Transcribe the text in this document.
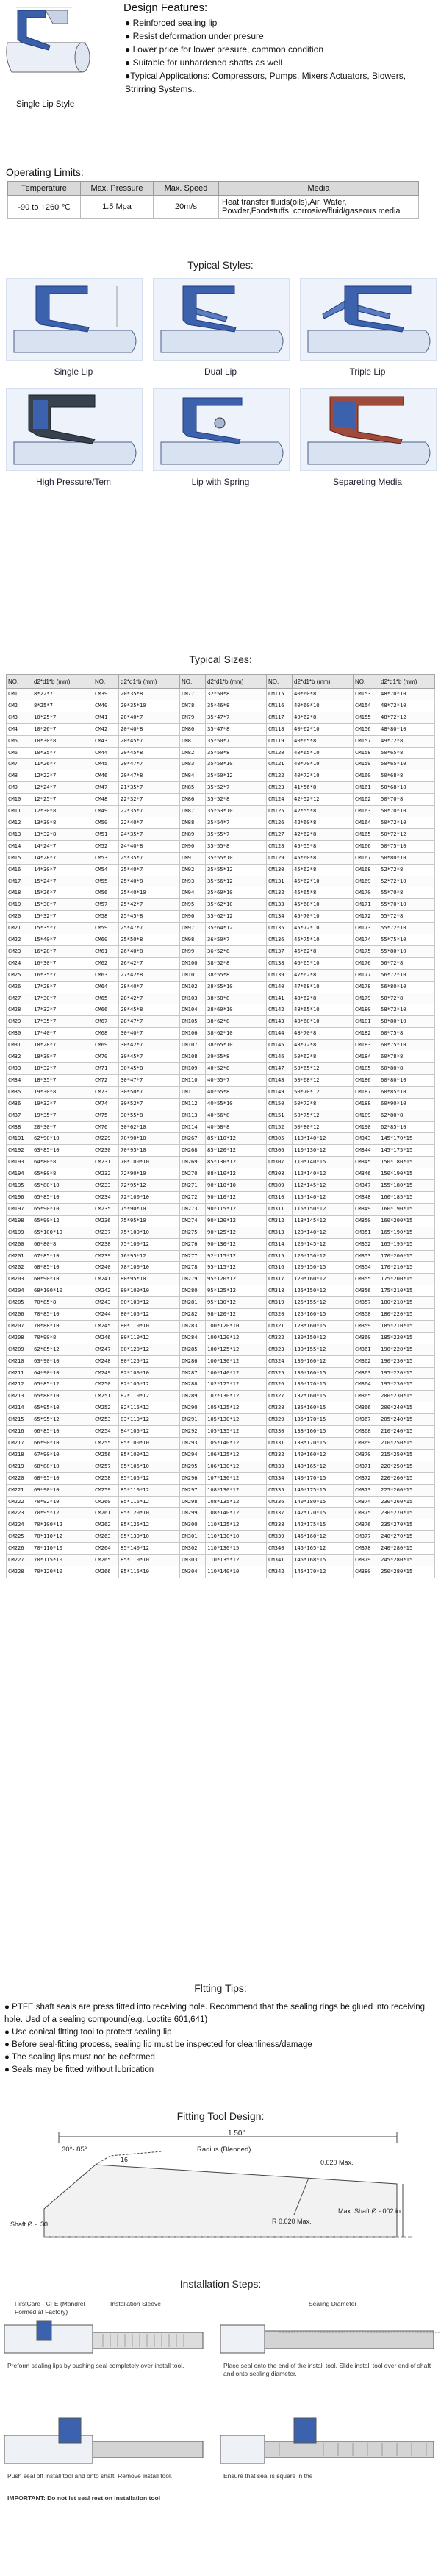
Single Lip Style
Design Features:
● Reinforced sealing lip
● Resist deformation under presure
● Lower price for lower presure, common condition
● Suitable for unhardened shafts as well
●Typical Applications: Compressors, Pumps, Mixers Actuators, Blowers, Strirring Systems..
Operating Limits:
Temperature	Max. Pressure	Max. Speed	Media
-90 to +260 ℃	1.5 Mpa	20m/s	Heat transfer fluids(oils),Air, Water, Powder,Foodstuffs, corrosive/fluid/gaseous media
Typical Styles:
Single Lip	Dual Lip	Triple Lip
High Pressure/Tem	Lip with Spring	Separeting Media
Typical Sizes:
NO.	d2*d1*b (mm)	NO.	d2*d1*b (mm)	NO.	d2*d1*b (mm)	NO.	d2*d1*b (mm)	NO.	d2*d1*b (mm)
CM1	8*22*7	CM39	20*35*8	CM77	32*50*8	CM115	40*60*8	CM153	48*70*10
CM2	8*25*7	CM40	20*35*10	CM78	35*46*8	CM116	40*60*10	CM154	48*72*10
CM3	10*25*7	CM41	20*40*7	CM79	35*47*7	CM117	40*62*8	CM155	48*72*12
CM4	10*26*7	CM42	20*40*8	CM80	35*47*8	CM118	40*62*10	CM156	48*80*10
CM5	10*30*8	CM43	20*45*7	CM81	35*50*7	CM119	40*65*8	CM157	49*72*8
CM6	10*35*7	CM44	20*45*8	CM82	35*50*8	CM120	40*65*10	CM158	50*65*8
CM7	11*26*7	CM45	20*47*7	CM83	35*50*10	CM121	40*70*10	CM159	50*65*10
CM8	12*22*7	CM46	20*47*8	CM84	35*50*12	CM122	40*72*10	CM160	50*68*8
CM9	12*24*7	CM47	21*35*7	CM85	35*52*7	CM123	41*56*8	CM161	50*68*10
CM10	12*25*7	CM48	22*32*7	CM86	35*52*8	CM124	42*52*12	CM162	50*70*8
CM11	12*30*8	CM49	22*35*7	CM87	35*53*10	CM125	42*55*8	CM163	50*70*10
CM12	13*30*8	CM50	22*40*7	CM88	35*54*7	CM126	42*60*8	CM164	50*72*10
CM13	13*32*8	CM51	24*35*7	CM89	35*55*7	CM127	42*62*8	CM165	50*72*12
CM14	14*24*7	CM52	24*40*8	CM90	35*55*8	CM128	45*55*8	CM166	50*75*10
CM15	14*28*7	CM53	25*35*7	CM91	35*55*10	CM129	45*60*8	CM167	50*80*10
CM16	14*30*7	CM54	25*40*7	CM92	35*55*12	CM130	45*62*8	CM168	52*72*8
CM17	15*24*7	CM55	25*40*8	CM93	35*56*12	CM131	45*62*10	CM169	52*72*10
CM18	15*26*7	CM56	25*40*10	CM94	35*60*10	CM132	45*65*8	CM170	55*70*8
CM19	15*30*7	CM57	25*42*7	CM95	35*62*10	CM133	45*68*10	CM171	55*70*10
CM20	15*32*7	CM58	25*45*8	CM96	35*62*12	CM134	45*70*10	CM172	55*72*8
CM21	15*35*7	CM59	25*47*7	CM97	35*64*12	CM135	45*72*10	CM173	55*72*10
CM22	15*40*7	CM60	25*50*8	CM98	36*50*7	CM136	45*75*10	CM174	55*75*10
CM23	16*28*7	CM61	26*40*8	CM99	36*52*8	CM137	46*62*8	CM175	55*80*10
CM24	16*30*7	CM62	26*42*7	CM100	38*52*8	CM138	46*65*10	CM176	56*72*8
CM25	16*35*7	CM63	27*42*8	CM101	38*55*8	CM139	47*62*8	CM177	56*72*10
CM26	17*28*7	CM64	28*40*7	CM102	38*55*10	CM140	47*68*10	CM178	56*80*10
CM27	17*30*7	CM65	28*42*7	CM103	38*58*8	CM141	48*62*8	CM179	58*72*8
CM28	17*32*7	CM66	28*45*8	CM104	38*60*10	CM142	48*65*10	CM180	58*72*10
CM29	17*35*7	CM67	28*47*7	CM105	38*62*8	CM143	48*68*10	CM181	58*80*10
CM30	17*40*7	CM68	30*40*7	CM106	38*62*10	CM144	48*70*8	CM182	60*75*8
CM31	18*28*7	CM69	30*42*7	CM107	38*65*10	CM145	48*72*8	CM183	60*75*10
CM32	18*30*7	CM70	30*45*7	CM108	39*55*8	CM146	50*62*8	CM184	60*78*8
CM33	18*32*7	CM71	30*45*8	CM109	40*52*8	CM147	50*65*12	CM185	60*80*8
CM34	18*35*7	CM72	30*47*7	CM110	40*55*7	CM148	50*68*12	CM186	60*80*10
CM35	19*30*8	CM73	30*50*7	CM111	40*55*8	CM149	50*70*12	CM187	60*85*10
CM36	19*32*7	CM74	30*52*7	CM112	40*55*10	CM150	50*72*8	CM188	60*90*10
CM37	19*35*7	CM75	30*55*8	CM113	40*56*8	CM151	50*75*12	CM189	62*80*8
CM38	20*30*7	CM76	30*62*10	CM114	40*58*8	CM152	50*80*12	CM190	62*85*10
CM191	62*90*10	CM229	70*90*10	CM267	85*110*12	CM305	110*140*12	CM343	145*170*15
CM192	63*85*10	CM230	70*95*10	CM268	85*120*12	CM306	110*130*12	CM344	145*175*15
CM193	64*80*8	CM231	70*100*10	CM269	85*130*12	CM307	110*140*15	CM345	150*180*15
CM194	65*80*8	CM232	72*90*10	CM270	88*110*12	CM308	112*140*12	CM346	150*190*15
CM195	65*80*10	CM233	72*95*12	CM271	90*110*10	CM309	112*145*12	CM347	155*180*15
CM196	65*85*10	CM234	72*100*10	CM272	90*110*12	CM310	115*140*12	CM348	160*185*15
CM197	65*90*10	CM235	75*90*10	CM273	90*115*12	CM311	115*150*12	CM349	160*190*15
CM198	65*90*12	CM236	75*95*10	CM274	90*120*12	CM312	118*145*12	CM350	160*200*15
CM199	65*100*10	CM237	75*100*10	CM275	90*125*12	CM313	120*140*12	CM351	165*190*15
CM200	66*80*8	CM238	75*100*12	CM276	90*130*12	CM314	120*145*12	CM352	165*195*15
CM201	67*85*10	CM239	76*95*12	CM277	92*115*12	CM315	120*150*12	CM353	170*200*15
CM202	68*85*10	CM240	78*100*10	CM278	95*115*12	CM316	120*150*15	CM354	170*210*15
CM203	68*90*10	CM241	80*95*10	CM279	95*120*12	CM317	120*160*12	CM355	175*200*15
CM204	68*100*10	CM242	80*100*10	CM280	95*125*12	CM318	125*150*12	CM356	175*210*15
CM205	70*85*8	CM243	80*100*12	CM281	95*130*12	CM319	125*155*12	CM357	180*210*15
CM206	70*85*10	CM244	80*105*12	CM282	98*120*12	CM320	125*160*15	CM358	180*220*15
CM207	70*88*10	CM245	80*110*10	CM283	100*120*10	CM321	128*160*15	CM359	185*210*15
CM208	70*90*8	CM246	80*110*12	CM284	100*120*12	CM322	130*150*12	CM360	185*220*15
CM209	62*85*12	CM247	80*120*12	CM285	100*125*12	CM323	130*155*12	CM361	190*220*15
CM210	63*90*10	CM248	80*125*12	CM286	100*130*12	CM324	130*160*12	CM362	190*230*15
CM211	64*90*10	CM249	82*100*10	CM287	100*140*12	CM325	130*160*15	CM363	195*220*15
CM212	65*85*12	CM250	82*105*12	CM288	102*125*12	CM326	130*170*15	CM364	195*230*15
CM213	65*88*10	CM251	82*110*12	CM289	102*130*12	CM327	132*160*15	CM365	200*230*15
CM214	65*95*10	CM252	82*115*12	CM290	105*125*12	CM328	135*160*15	CM366	200*240*15
CM215	65*95*12	CM253	83*110*12	CM291	105*130*12	CM329	135*170*15	CM367	205*240*15
CM216	66*85*10	CM254	84*105*12	CM292	105*135*12	CM330	138*160*15	CM368	210*240*15
CM217	66*90*10	CM255	85*100*10	CM293	105*140*12	CM331	138*170*15	CM369	210*250*15
CM218	67*90*10	CM256	85*100*12	CM294	106*125*12	CM332	140*160*12	CM370	215*250*15
CM219	68*88*10	CM257	85*105*10	CM295	106*130*12	CM333	140*165*12	CM371	220*250*15
CM220	68*95*10	CM258	85*105*12	CM296	107*130*12	CM334	140*170*15	CM372	220*260*15
CM221	69*90*10	CM259	85*110*12	CM297	108*130*12	CM335	140*175*15	CM373	225*260*15
CM222	70*92*10	CM260	85*115*12	CM298	108*135*12	CM336	140*180*15	CM374	230*260*15
CM223	70*95*12	CM261	85*120*10	CM299	108*140*12	CM337	142*170*15	CM375	230*270*15
CM224	70*100*12	CM262	85*125*12	CM300	110*125*12	CM338	142*175*15	CM376	235*270*15
CM225	70*110*12	CM263	85*130*10	CM301	110*130*10	CM339	145*160*12	CM377	240*270*15
CM226	70*110*10	CM264	85*140*12	CM302	110*130*15	CM340	145*165*12	CM378	240*280*15
CM227	70*115*10	CM265	85*110*10	CM303	110*135*12	CM341	145*168*15	CM379	245*280*15
CM228	70*120*10	CM266	85*115*10	CM304	110*140*10	CM342	145*170*12	CM380	250*280*15
Fltting Tips:
● PTFE shaft seals are press fitted into receiving hole. Recommend that the sealing rings be glued into receiving hole. Usd of a sealing compound(e.g. Loctite 601,641)
● Use conical fltting tool to protect sealing lip
● Before seal-fitting process, sealing lip must be inspected for cleanliness/damage
● The sealing lips must not be deformed
● Seals may be fitted without lubrication
Fitting Tool Design:
1.50"
Radius (Blended)
30°- 85°
16	0.020 Max.
Max. Shaft Ø -.002 in.
Shaft Ø - .30	R 0.020 Max.
Installation Steps:
FirstCare - CFE (Mandrel Formed at Factory)
Installation Sleeve	Sealing Diameter
Preform sealing lips by pushing seal completely over install tool.	Place seal onto the end of the install tool. Slide install tool over end of shaft and onto sealing diameter.
Push seal off install tool and onto shaft. Remove install tool.	Ensure that seal is square in the
IMPORTANT: Do not let seal rest on installation tool
